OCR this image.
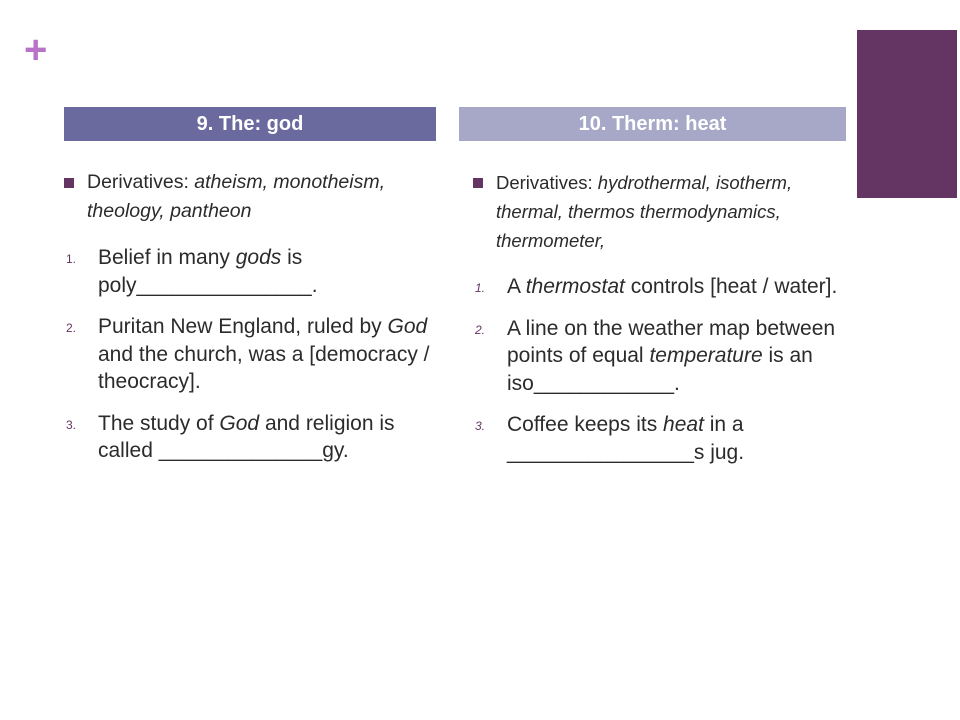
+
9. The: god	10. Therm: heat
Derivatives: atheism, monotheism, theology, pantheon
1.	Belief in many gods is poly_______________.
2.	Puritan New England, ruled by God and the church, was a [democracy / theocracy].
3.	The study of God and religion is called ______________gy.
Derivatives: hydrothermal, isotherm, thermal, thermos thermodynamics, thermometer,
1.	A thermostat controls [heat / water].
2.	A line on the weather map between points of equal temperature is an iso____________.
3.	Coffee keeps its heat in a ________________s jug.
